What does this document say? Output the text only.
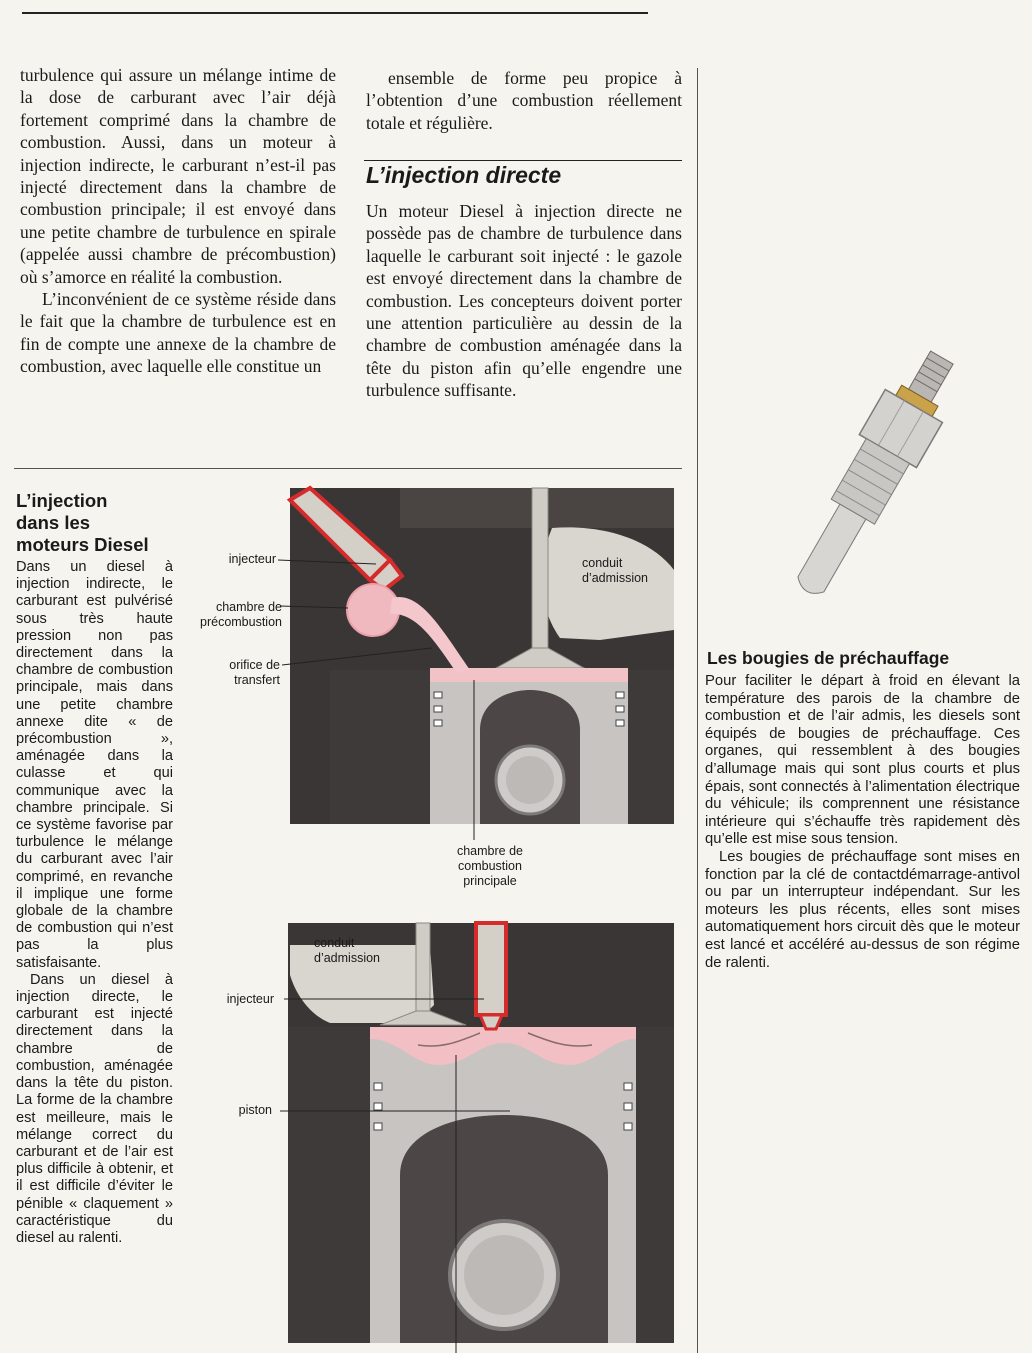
turbulence qui assure un mélange intime de la dose de carburant avec l’air déjà fortement comprimé dans la chambre de combustion. Aussi, dans un moteur à injection indirecte, le carburant n’est-il pas injecté directement dans la chambre de combustion principale; il est envoyé dans une petite chambre de turbulence en spirale (appelée aussi chambre de précombustion) où s’amorce en réalité la combustion.

L’inconvénient de ce système réside dans le fait que la chambre de turbulence est en fin de compte une annexe de la chambre de combustion, avec laquelle elle constitue un

ensemble de forme peu propice à l’obtention d’une combustion réellement totale et régulière.

L’injection directe

Un moteur Diesel à injection directe ne possède pas de chambre de turbulence dans laquelle le carburant soit injecté : le gazole est envoyé directement dans la chambre de combustion. Les concepteurs doivent porter une attention particulière au dessin de la chambre de combustion aménagée dans la tête du piston afin qu’elle engendre une turbulence suffisante.

L’injection
dans les
moteurs Diesel

Dans un diesel à injection indirecte, le carburant est pulvérisé sous très haute pression non pas directement dans la chambre de combustion principale, mais dans une petite chambre annexe dite « de précombustion », aménagée dans la culasse et qui communique avec la chambre principale. Si ce système favorise par turbulence le mélange du carburant avec l’air comprimé, en revanche il implique une forme globale de la chambre de combustion qui n’est pas la plus satisfaisante.

Dans un diesel à injection directe, le carburant est injecté directement dans la chambre de combustion, aménagée dans la tête du piston. La forme de la chambre est meilleure, mais le mélange correct du carburant et de l’air est plus difficile à obtenir, et il est difficile d’éviter le pénible « claquement » caractéristique du diesel au ralenti.

injecteur
chambre de
précombustion
orifice de
transfert
conduit
d’admission
chambre de
combustion
principale
conduit
d’admission
injecteur
piston
Les bougies de préchauffage

Pour faciliter le départ à froid en élevant la température des parois de la chambre de combustion et de l’air admis, les diesels sont équipés de bougies de préchauffage. Ces organes, qui ressemblent à des bougies d’allumage mais qui sont plus courts et plus épais, sont connectés à l’alimentation électrique du véhicule; ils comprennent une résistance intérieure qui s’échauffe très rapidement dès qu’elle est mise sous tension.

Les bougies de préchauffage sont mises en fonction par la clé de contactdémarrage-antivol ou par un interrupteur indépendant. Sur les moteurs les plus récents, elles sont mises automatiquement hors circuit dès que le moteur est lancé et accéléré au-dessus de son régime de ralenti.
